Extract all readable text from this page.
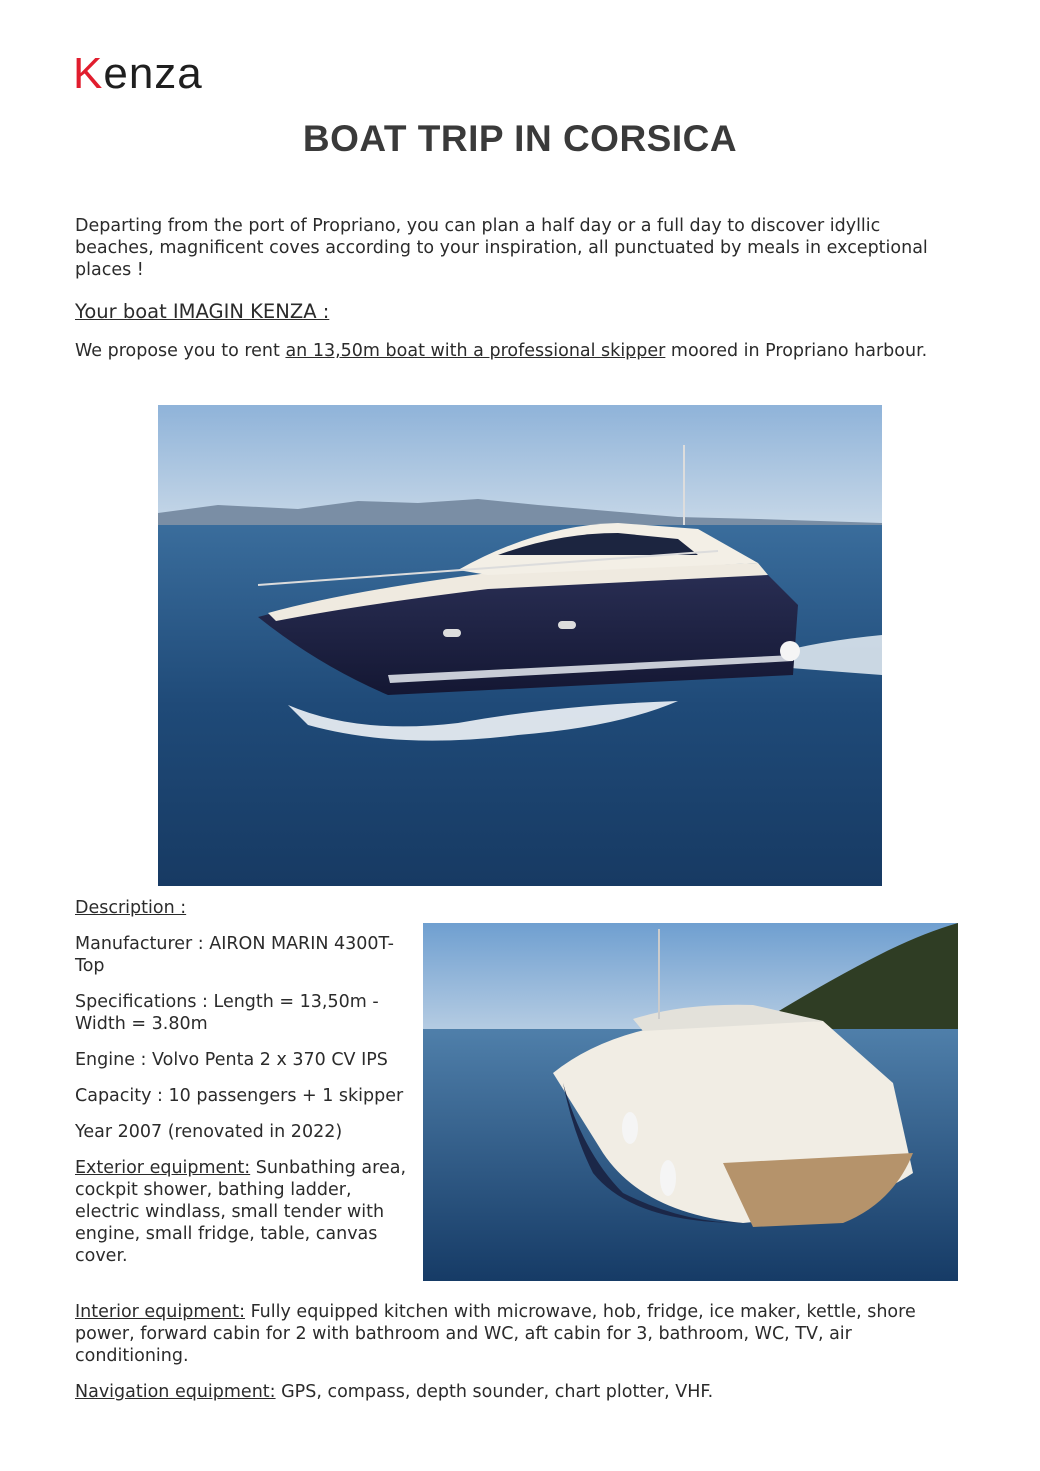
Kenza
BOAT TRIP IN CORSICA
Departing from the port of Propriano, you can plan a half day or a full day to discover idyllic beaches, magnificent coves according to your inspiration, all punctuated by meals in exceptional places !
Your boat IMAGIN KENZA :
We propose you to rent an 13,50m boat with a professional skipper moored in Propriano harbour.

Description :

Manufacturer : AIRON MARIN 4300T-Top

Specifications : Length = 13,50m - Width = 3.80m

Engine : Volvo Penta 2 x 370 CV IPS

Capacity : 10 passengers + 1 skipper

Year 2007 (renovated in 2022)

Exterior equipment: Sunbathing area, cockpit shower, bathing ladder, electric windlass, small tender with engine, small fridge, table, canvas cover.

Interior equipment: Fully equipped kitchen with microwave, hob, fridge, ice maker, kettle, shore power, forward cabin for 2 with bathroom and WC, aft cabin for 3, bathroom, WC, TV, air conditioning.
Navigation equipment: GPS, compass, depth sounder, chart plotter, VHF.
